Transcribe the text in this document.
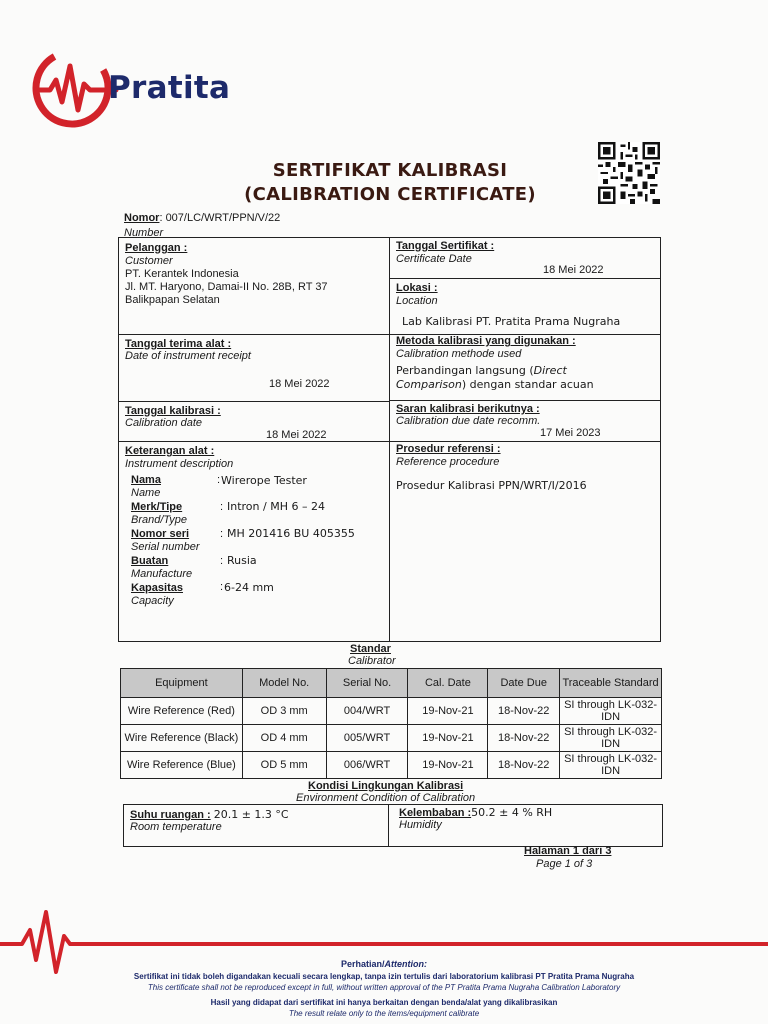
Pratita
SERTIFIKAT KALIBRASI
(CALIBRATION CERTIFICATE)
Nomor: 007/LC/WRT/PPN/V/22
Number
Pelanggan :
Customer
PT. Kerantek Indonesia
Jl. MT. Haryono, Damai-II No. 28B, RT 37
Balikpapan Selatan
Tanggal Sertifikat :
Certificate Date
18 Mei 2022
Lokasi :
Location
Lab Kalibrasi PT. Pratita Prama Nugraha
Tanggal terima alat :
Date of instrument receipt
18 Mei 2022
Metoda kalibrasi yang digunakan :
Calibration methode used
Perbandingan langsung (Direct
Comparison) dengan standar acuan
Tanggal kalibrasi :
Calibration date
18 Mei 2022
Saran kalibrasi berikutnya :
Calibration due date recomm.
17 Mei 2023
Keterangan alat :
Instrument description
Nama	: Wirerope Tester
Name
Merk/Tipe	: Intron / MH 6 – 24
Brand/Type
Nomor seri	: MH 201416 BU 405355
Serial number
Buatan	: Rusia
Manufacture
Kapasitas	: 6-24 mm
Capacity
Prosedur referensi :
Reference procedure
Prosedur Kalibrasi PPN/WRT/I/2016
Standar
Calibrator
Equipment	Model No.	Serial No.	Cal. Date	Date Due	Traceable Standard
Wire Reference (Red)	OD 3 mm	004/WRT	19-Nov-21	18-Nov-22	SI through LK-032-IDN
Wire Reference (Black)	OD 4 mm	005/WRT	19-Nov-21	18-Nov-22	SI through LK-032-IDN
Wire Reference (Blue)	OD 5 mm	006/WRT	19-Nov-21	18-Nov-22	SI through LK-032-IDN
Kondisi Lingkungan Kalibrasi
Environment Condition of Calibration
Suhu ruangan : 20.1 ± 1.3 °C
Room temperature
Kelembaban :50.2 ± 4 % RH
Humidity
Halaman 1 dari 3
Page 1 of 3
Perhatian/Attention:
Sertifikat ini tidak boleh digandakan kecuali secara lengkap, tanpa izin tertulis dari laboratorium kalibrasi PT Pratita Prama Nugraha
This certificate shall not be reproduced except in full, without written approval of the PT Pratita Prama Nugraha Calibration Laboratory
Hasil yang didapat dari sertifikat ini hanya berkaitan dengan benda/alat yang dikalibrasikan
The result relate only to the items/equipment calibrate
